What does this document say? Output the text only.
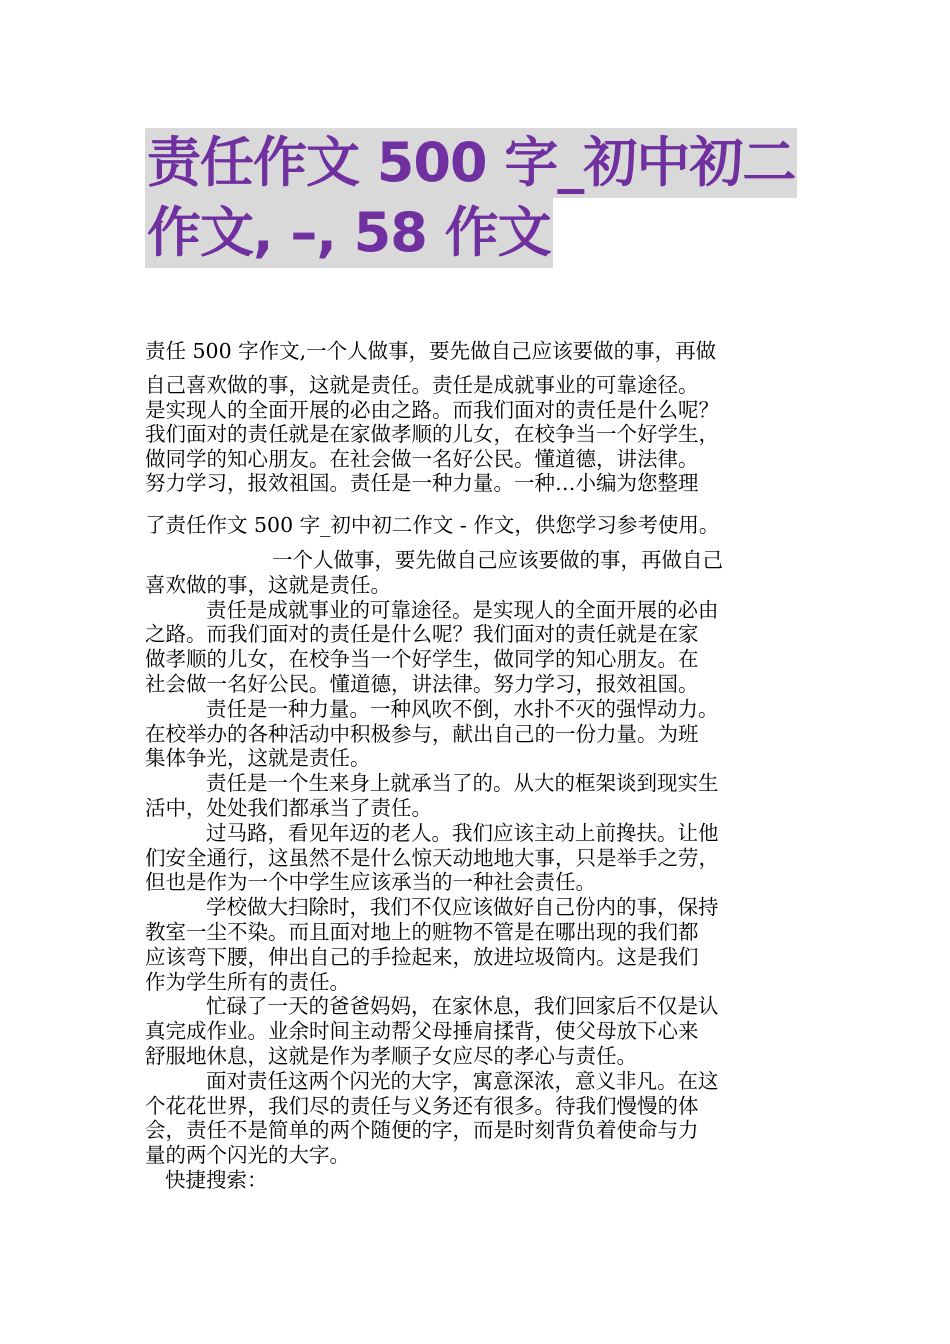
责任作文 500 字_初中初二
作文, –, 58 作文

责任 500 字作文,一个人做事，要先做自己应该要做的事，再做

自己喜欢做的事，这就是责任。责任是成就事业的可靠途径。
是实现人的全面开展的必由之路。而我们面对的责任是什么呢？
我们面对的责任就是在家做孝顺的儿女，在校争当一个好学生，
做同学的知心朋友。在社会做一名好公民。懂道德，讲法律。
努力学习，报效祖国。责任是一种力量。一种…小编为您整理

了责任作文 500 字_初中初二作文 - 作文，供您学习参考使用。

一个人做事，要先做自己应该要做的事，再做自己
喜欢做的事，这就是责任。

责任是成就事业的可靠途径。是实现人的全面开展的必由
之路。而我们面对的责任是什么呢？我们面对的责任就是在家
做孝顺的儿女，在校争当一个好学生，做同学的知心朋友。在
社会做一名好公民。懂道德，讲法律。努力学习，报效祖国。

责任是一种力量。一种风吹不倒，水扑不灭的强悍动力。
在校举办的各种活动中积极参与，献出自己的一份力量。为班
集体争光，这就是责任。

责任是一个生来身上就承当了的。从大的框架谈到现实生
活中，处处我们都承当了责任。

过马路，看见年迈的老人。我们应该主动上前搀扶。让他
们安全通行，这虽然不是什么惊天动地地大事，只是举手之劳，
但也是作为一个中学生应该承当的一种社会责任。

学校做大扫除时，我们不仅应该做好自己份内的事，保持
教室一尘不染。而且面对地上的赃物不管是在哪出现的我们都
应该弯下腰，伸出自己的手捡起来，放进垃圾筒内。这是我们
作为学生所有的责任。

忙碌了一天的爸爸妈妈，在家休息，我们回家后不仅是认
真完成作业。业余时间主动帮父母捶肩揉背，使父母放下心来
舒服地休息，这就是作为孝顺子女应尽的孝心与责任。

面对责任这两个闪光的大字，寓意深浓，意义非凡。在这
个花花世界，我们尽的责任与义务还有很多。待我们慢慢的体
会，责任不是简单的两个随便的字，而是时刻背负着使命与力
量的两个闪光的大字。

快捷搜索：
